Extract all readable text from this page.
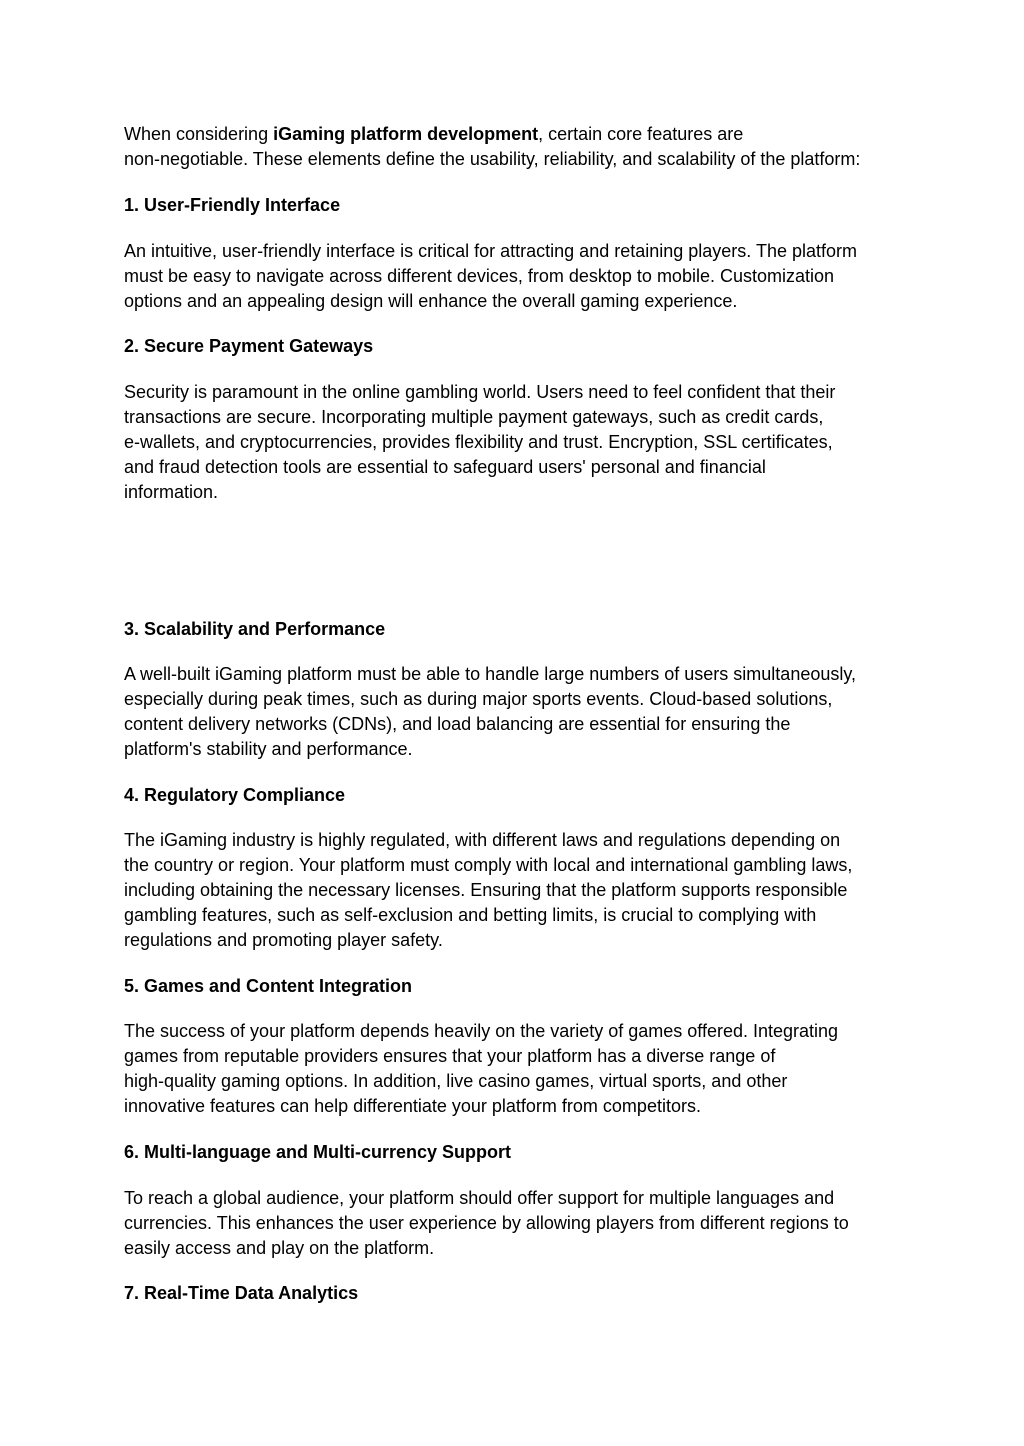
When considering iGaming platform development, certain core features are
non-negotiable. These elements define the usability, reliability, and scalability of the platform:
1. User-Friendly Interface
An intuitive, user-friendly interface is critical for attracting and retaining players. The platform
must be easy to navigate across different devices, from desktop to mobile. Customization
options and an appealing design will enhance the overall gaming experience.
2. Secure Payment Gateways
Security is paramount in the online gambling world. Users need to feel confident that their
transactions are secure. Incorporating multiple payment gateways, such as credit cards,
e-wallets, and cryptocurrencies, provides flexibility and trust. Encryption, SSL certificates,
and fraud detection tools are essential to safeguard users' personal and financial
information.
3. Scalability and Performance
A well-built iGaming platform must be able to handle large numbers of users simultaneously,
especially during peak times, such as during major sports events. Cloud-based solutions,
content delivery networks (CDNs), and load balancing are essential for ensuring the
platform's stability and performance.
4. Regulatory Compliance
The iGaming industry is highly regulated, with different laws and regulations depending on
the country or region. Your platform must comply with local and international gambling laws,
including obtaining the necessary licenses. Ensuring that the platform supports responsible
gambling features, such as self-exclusion and betting limits, is crucial to complying with
regulations and promoting player safety.
5. Games and Content Integration
The success of your platform depends heavily on the variety of games offered. Integrating
games from reputable providers ensures that your platform has a diverse range of
high-quality gaming options. In addition, live casino games, virtual sports, and other
innovative features can help differentiate your platform from competitors.
6. Multi-language and Multi-currency Support
To reach a global audience, your platform should offer support for multiple languages and
currencies. This enhances the user experience by allowing players from different regions to
easily access and play on the platform.
7. Real-Time Data Analytics
